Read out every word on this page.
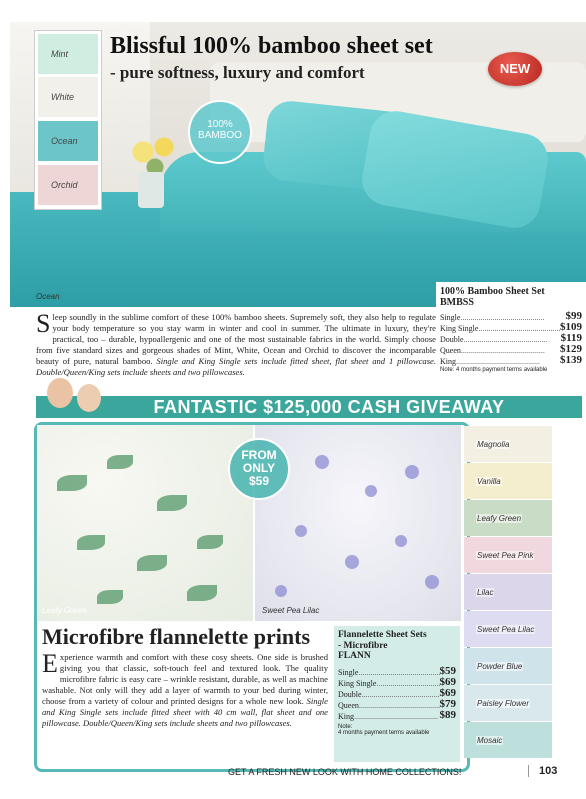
Mint
White
Ocean
Orchid
Blissful 100% bamboo sheet set
- pure softness, luxury and comfort	NEW
100%
BAMBOO
Ocean
Sleep soundly in the sublime comfort of these 100% bamboo sheets. Supremely soft, they also help to regulate your body temperature so you stay warm in winter and cool in summer. The ultimate in luxury, they're practical, too – durable, hypoallergenic and one of the most sustainable fabrics in the world. Simply choose from five standard sizes and gorgeous shades of Mint, White, Ocean and Orchid to discover the incomparable beauty of pure, natural bamboo. Single and King Single sets include fitted sheet, flat sheet and 1 pillowcase. Double/Queen/King sets include sheets and two pillowcases.
100% Bamboo Sheet Set
BMBSS
Single .....	$99
King Single .....	$109
Double .....	$119
Queen .....	$129
King .....	$139
Note: 4 months payment terms available
FANTASTIC $125,000 CASH GIVEAWAY
FROM
ONLY
$59
Leafy Green	Sweet Pea Lilac
Microfibre flannelette prints
Experience warmth and comfort with these cosy sheets. One side is brushed giving you that classic, soft-touch feel and textured look. The quality microfibre fabric is easy care – wrinkle resistant, durable, as well as machine washable. Not only will they add a layer of warmth to your bed during winter, choose from a variety of colour and printed designs for a whole new look. Single and King Single sets include fitted sheet with 40 cm wall, flat sheet and one pillowcase. Double/Queen/King sets include sheets and two pillowcases.
Flannelette Sheet Sets
- Microfibre
FLANN
Single .....	$59
King Single .....	$69
Double .....	$69
Queen .....	$79
King .....	$89
Note:
4 months payment terms available
Magnolia
Vanilla
Leafy Green
Sweet Pea Pink
Lilac
Sweet Pea Lilac
Powder Blue
Paisley Flower
Mosaic
GET A FRESH NEW LOOK WITH HOME COLLECTIONS!	103
